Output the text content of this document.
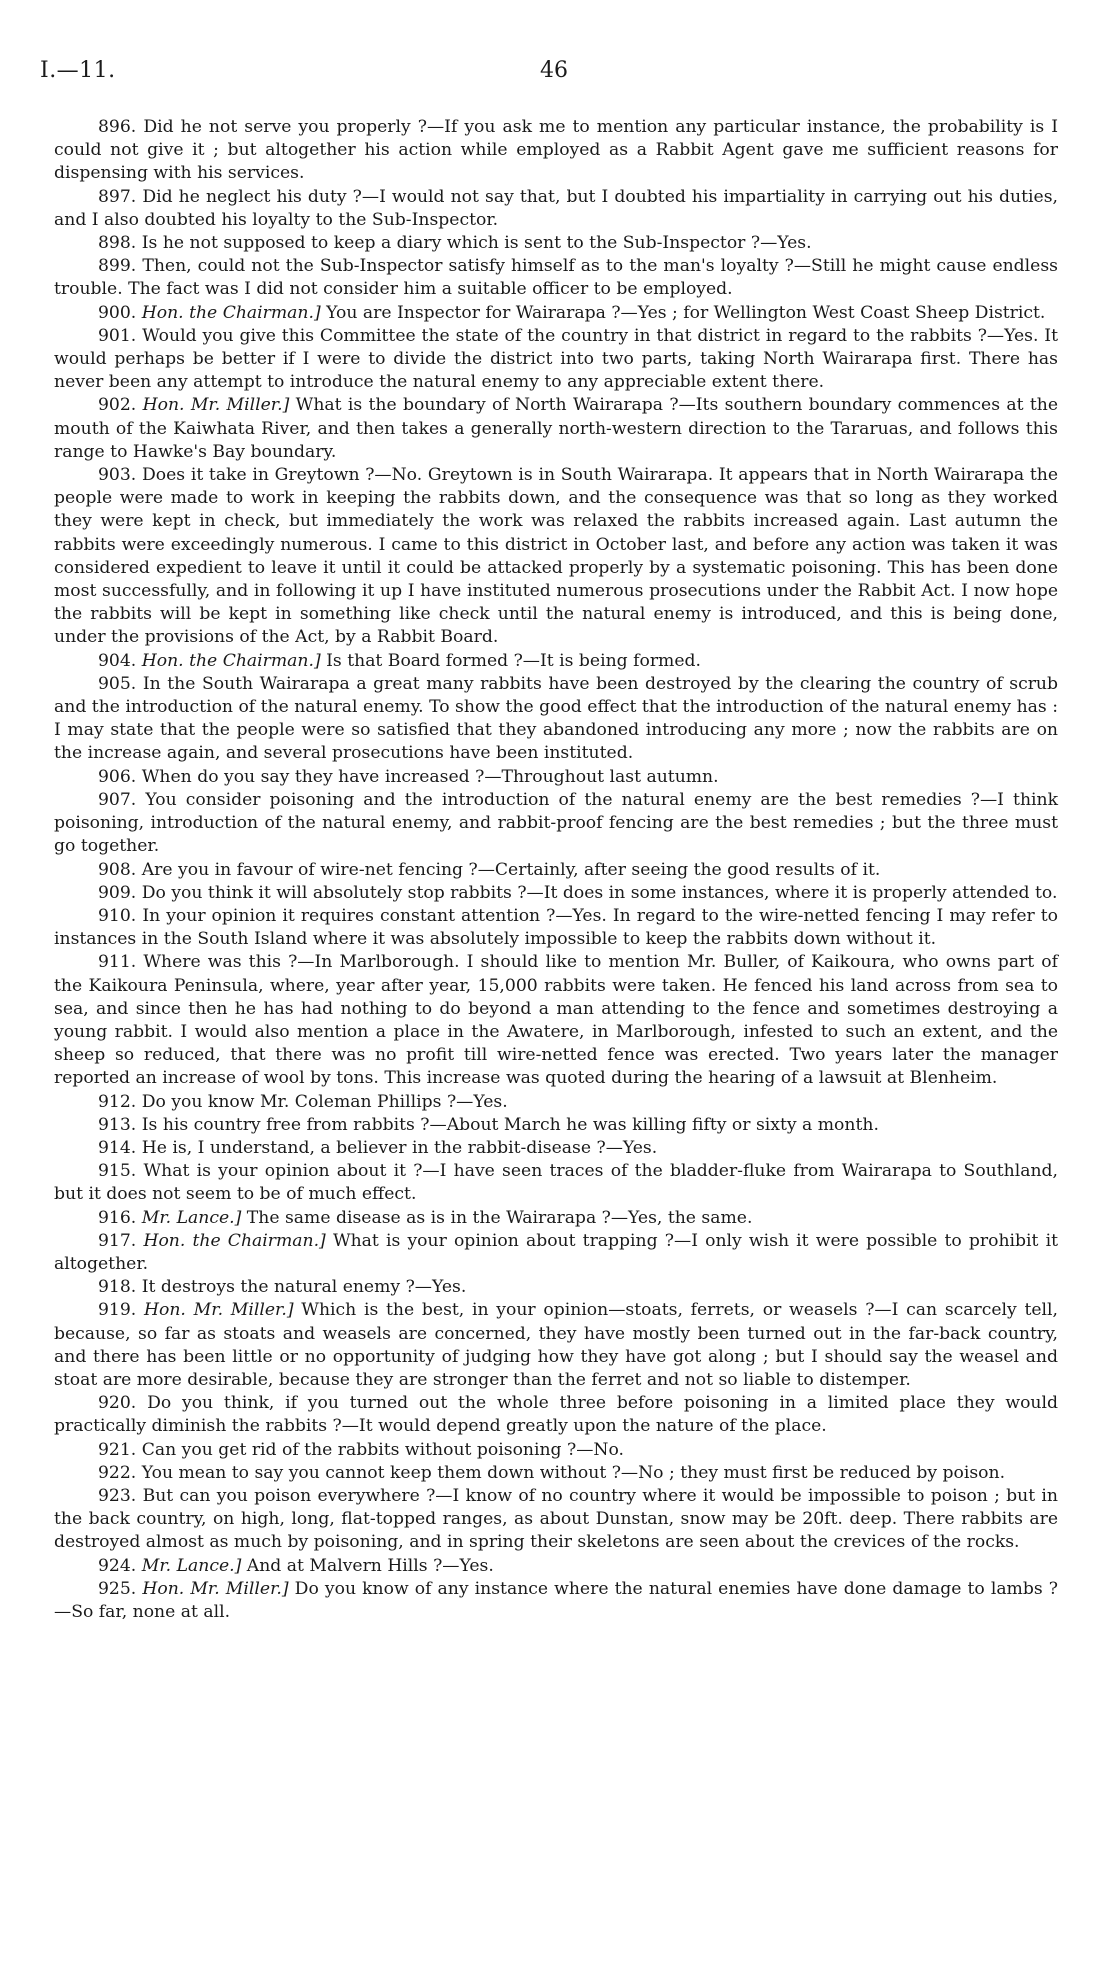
I.—11.	46

896. Did he not serve you properly ?—If you ask me to mention any particular instance, the probability is I could not give it ; but altogether his action while employed as a Rabbit Agent gave me sufficient reasons for dispensing with his services.

897. Did he neglect his duty ?—I would not say that, but I doubted his impartiality in carrying out his duties, and I also doubted his loyalty to the Sub-Inspector.

898. Is he not supposed to keep a diary which is sent to the Sub-Inspector ?—Yes.

899. Then, could not the Sub-Inspector satisfy himself as to the man's loyalty ?—Still he might cause endless trouble. The fact was I did not consider him a suitable officer to be employed.

900. Hon. the Chairman.] You are Inspector for Wairarapa ?—Yes ; for Wellington West Coast Sheep District.

901. Would you give this Committee the state of the country in that district in regard to the rabbits ?—Yes. It would perhaps be better if I were to divide the district into two parts, taking North Wairarapa first. There has never been any attempt to introduce the natural enemy to any appreciable extent there.

902. Hon. Mr. Miller.] What is the boundary of North Wairarapa ?—Its southern boundary commences at the mouth of the Kaiwhata River, and then takes a generally north-western direction to the Tararuas, and follows this range to Hawke's Bay boundary.

903. Does it take in Greytown ?—No. Greytown is in South Wairarapa. It appears that in North Wairarapa the people were made to work in keeping the rabbits down, and the consequence was that so long as they worked they were kept in check, but immediately the work was relaxed the rabbits increased again. Last autumn the rabbits were exceedingly numerous. I came to this district in October last, and before any action was taken it was considered expedient to leave it until it could be attacked properly by a systematic poisoning. This has been done most successfully, and in following it up I have instituted numerous prosecutions under the Rabbit Act. I now hope the rabbits will be kept in something like check until the natural enemy is introduced, and this is being done, under the provisions of the Act, by a Rabbit Board.

904. Hon. the Chairman.] Is that Board formed ?—It is being formed.

905. In the South Wairarapa a great many rabbits have been destroyed by the clearing the country of scrub and the introduction of the natural enemy. To show the good effect that the introduction of the natural enemy has : I may state that the people were so satisfied that they abandoned introducing any more ; now the rabbits are on the increase again, and several prosecutions have been instituted.

906. When do you say they have increased ?—Throughout last autumn.

907. You consider poisoning and the introduction of the natural enemy are the best remedies ?—I think poisoning, introduction of the natural enemy, and rabbit-proof fencing are the best remedies ; but the three must go together.

908. Are you in favour of wire-net fencing ?—Certainly, after seeing the good results of it.

909. Do you think it will absolutely stop rabbits ?—It does in some instances, where it is properly attended to.

910. In your opinion it requires constant attention ?—Yes. In regard to the wire-netted fencing I may refer to instances in the South Island where it was absolutely impossible to keep the rabbits down without it.

911. Where was this ?—In Marlborough. I should like to mention Mr. Buller, of Kaikoura, who owns part of the Kaikoura Peninsula, where, year after year, 15,000 rabbits were taken. He fenced his land across from sea to sea, and since then he has had nothing to do beyond a man attending to the fence and sometimes destroying a young rabbit. I would also mention a place in the Awatere, in Marlborough, infested to such an extent, and the sheep so reduced, that there was no profit till wire-netted fence was erected. Two years later the manager reported an increase of wool by tons. This increase was quoted during the hearing of a lawsuit at Blenheim.

912. Do you know Mr. Coleman Phillips ?—Yes.

913. Is his country free from rabbits ?—About March he was killing fifty or sixty a month.

914. He is, I understand, a believer in the rabbit-disease ?—Yes.

915. What is your opinion about it ?—I have seen traces of the bladder-fluke from Wairarapa to Southland, but it does not seem to be of much effect.

916. Mr. Lance.] The same disease as is in the Wairarapa ?—Yes, the same.

917. Hon. the Chairman.] What is your opinion about trapping ?—I only wish it were possible to prohibit it altogether.

918. It destroys the natural enemy ?—Yes.

919. Hon. Mr. Miller.] Which is the best, in your opinion—stoats, ferrets, or weasels ?—I can scarcely tell, because, so far as stoats and weasels are concerned, they have mostly been turned out in the far-back country, and there has been little or no opportunity of judging how they have got along ; but I should say the weasel and stoat are more desirable, because they are stronger than the ferret and not so liable to distemper.

920. Do you think, if you turned out the whole three before poisoning in a limited place they would practically diminish the rabbits ?—It would depend greatly upon the nature of the place.

921. Can you get rid of the rabbits without poisoning ?—No.

922. You mean to say you cannot keep them down without ?—No ; they must first be reduced by poison.

923. But can you poison everywhere ?—I know of no country where it would be impossible to poison ; but in the back country, on high, long, flat-topped ranges, as about Dunstan, snow may be 20ft. deep. There rabbits are destroyed almost as much by poisoning, and in spring their skeletons are seen about the crevices of the rocks.

924. Mr. Lance.] And at Malvern Hills ?—Yes.

925. Hon. Mr. Miller.] Do you know of any instance where the natural enemies have done damage to lambs ?—So far, none at all.
